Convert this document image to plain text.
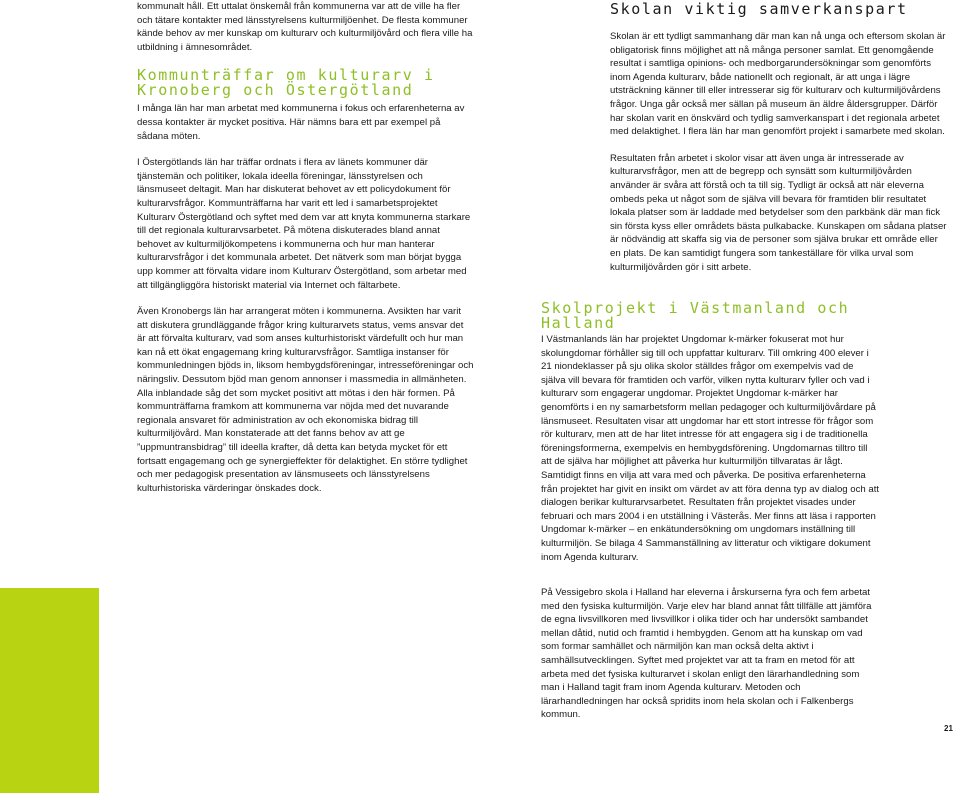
kommunalt håll. Ett uttalat önskemål från kommunerna var att de ville ha fler och tätare kontakter med länsstyrelsens kulturmiljöenhet. De flesta kommuner kände behov av mer kunskap om kulturarv och kulturmiljövård och flera ville ha utbildning i ämnesområdet.

Kommunträffar om kulturarv i Kronoberg och Östergötland

I många län har man arbetat med kommunerna i fokus och erfarenheterna av dessa kontakter är mycket positiva. Här nämns bara ett par exempel på sådana möten.

I Östergötlands län har träffar ordnats i flera av länets kommuner där tjänstemän och politiker, lokala ideella föreningar, länsstyrelsen och länsmuseet deltagit. Man har diskuterat behovet av ett policydokument för kulturarvsfrågor. Kommunträffarna har varit ett led i samarbetsprojektet Kulturarv Östergötland och syftet med dem var att knyta kommunerna starkare till det regionala kulturarvsarbetet. På mötena diskuterades bland annat behovet av kulturmiljökompetens i kommunerna och hur man hanterar kulturarvsfrågor i det kommunala arbetet. Det nätverk som man börjat bygga upp kommer att förvalta vidare inom Kulturarv Östergötland, som arbetar med att tillgängliggöra historiskt material via Internet och fältarbete.

Även Kronobergs län har arrangerat möten i kommunerna. Avsikten har varit att diskutera grundläggande frågor kring kulturarvets status, vems ansvar det är att förvalta kulturarv, vad som anses kulturhistoriskt värdefullt och hur man kan nå ett ökat engagemang kring kulturarvsfrågor. Samtliga instanser för kommunledningen bjöds in, liksom hembygdsföreningar, intresseföreningar och näringsliv. Dessutom bjöd man genom annonser i massmedia in allmänheten. Alla inblandade såg det som mycket positivt att mötas i den här formen. På kommunträffarna framkom att kommunerna var nöjda med det nuvarande regionala ansvaret för administration av och ekonomiska bidrag till kulturmiljövård. Man konstaterade att det fanns behov av att ge ”uppmuntransbidrag” till ideella krafter, då detta kan betyda mycket för ett fortsatt engagemang och ge synergieffekter för delaktighet. En större tydlighet och mer pedagogisk presentation av länsmuseets och länsstyrelsens kulturhistoriska värderingar önskades dock.

Skolan viktig samverkanspart

Skolan är ett tydligt sammanhang där man kan nå unga och eftersom skolan är obligatorisk finns möjlighet att nå många personer samlat. Ett genomgående resultat i samtliga opinions- och medborgarundersökningar som genomförts inom Agenda kulturarv, både nationellt och regionalt, är att unga i lägre utsträckning känner till eller intresserar sig för kulturarv och kulturmiljövårdens frågor. Unga går också mer sällan på museum än äldre åldersgrupper. Därför har skolan varit en önskvärd och tydlig samverkanspart i det regionala arbetet med delaktighet. I flera län har man genomfört projekt i samarbete med skolan.

Resultaten från arbetet i skolor visar att även unga är intresserade av kulturarvsfrågor, men att de begrepp och synsätt som kulturmiljövården använder är svåra att förstå och ta till sig. Tydligt är också att när eleverna ombeds peka ut något som de själva vill bevara för framtiden blir resultatet lokala platser som är laddade med betydelser som den parkbänk där man fick sin första kyss eller områdets bästa pulkabacke. Kunskapen om sådana platser är nödvändig att skaffa sig via de personer som själva brukar ett område eller en plats. De kan samtidigt fungera som tankeställare för vilka urval som kulturmiljövården gör i sitt arbete.

Skolprojekt i Västmanland och Halland

I Västmanlands län har projektet Ungdomar k-märker fokuserat mot hur skolungdomar förhåller sig till och uppfattar kulturarv. Till omkring 400 elever i 21 niondeklasser på sju olika skolor ställdes frågor om exempelvis vad de själva vill bevara för framtiden och varför, vilken nytta kulturarv fyller och vad i kulturarv som engagerar ungdomar. Projektet Ungdomar k-märker har genomförts i en ny samarbetsform mellan pedagoger och kulturmiljövårdare på länsmuseet. Resultaten visar att ungdomar har ett stort intresse för frågor som rör kulturarv, men att de har litet intresse för att engagera sig i de traditionella föreningsformerna, exempelvis en hembygdsförening. Ungdomarnas tilltro till att de själva har möjlighet att påverka hur kulturmiljön tillvaratas är lågt. Samtidigt finns en vilja att vara med och påverka. De positiva erfarenheterna från projektet har givit en insikt om värdet av att föra denna typ av dialog och att dialogen berikar kulturarvsarbetet. Resultaten från projektet visades under februari och mars 2004 i en utställning i Västerås. Mer finns att läsa i rapporten Ungdomar k-märker – en enkätundersökning om ungdomars inställning till kulturmiljön. Se bilaga 4 Sammanställning av litteratur och viktigare dokument inom Agenda kulturarv.

På Vessigebro skola i Halland har eleverna i årskurserna fyra och fem arbetat med den fysiska kulturmiljön. Varje elev har bland annat fått tillfälle att jämföra de egna livsvillkoren med livsvillkor i olika tider och har undersökt sambandet mellan dåtid, nutid och framtid i hembygden. Genom att ha kunskap om vad som formar samhället och närmiljön kan man också delta aktivt i samhällsutvecklingen. Syftet med projektet var att ta fram en metod för att arbeta med det fysiska kulturarvet i skolan enligt den lärarhandledning som man i Halland tagit fram inom Agenda kulturarv. Metoden och lärarhandledningen har också spridits inom hela skolan och i Falkenbergs kommun.

21
